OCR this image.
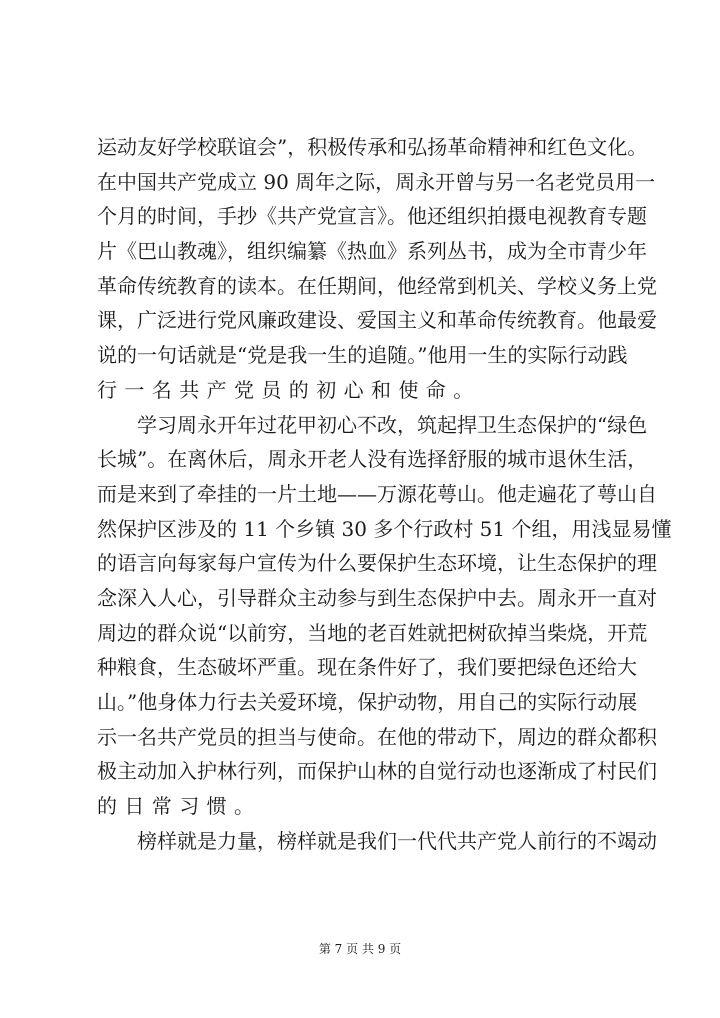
运动友好学校联谊会”，积极传承和弘扬革命精神和红色文化。
在中国共产党成立 90 周年之际，周永开曾与另一名老党员用一
个月的时间，手抄《共产党宣言》。他还组织拍摄电视教育专题
片《巴山教魂》，组织编纂《热血》系列丛书，成为全市青少年
革命传统教育的读本。在任期间，他经常到机关、学校义务上党
课，广泛进行党风廉政建设、爱国主义和革命传统教育。他最爱
说的一句话就是“党是我一生的追随。”他用一生的实际行动践
行一名共产党员的初心和使命。
学习周永开年过花甲初心不改，筑起捍卫生态保护的“绿色
长城”。在离休后，周永开老人没有选择舒服的城市退休生活，
而是来到了牵挂的一片土地——万源花萼山。他走遍花了萼山自
然保护区涉及的 11 个乡镇 30 多个行政村 51 个组，用浅显易懂
的语言向每家每户宣传为什么要保护生态环境，让生态保护的理
念深入人心，引导群众主动参与到生态保护中去。周永开一直对
周边的群众说“以前穷，当地的老百姓就把树砍掉当柴烧，开荒
种粮食，生态破坏严重。现在条件好了，我们要把绿色还给大
山。”他身体力行去关爱环境，保护动物，用自己的实际行动展
示一名共产党员的担当与使命。在他的带动下，周边的群众都积
极主动加入护林行列，而保护山林的自觉行动也逐渐成了村民们
的日常习惯。
榜样就是力量，榜样就是我们一代代共产党人前行的不竭动
第 7 页 共 9 页
